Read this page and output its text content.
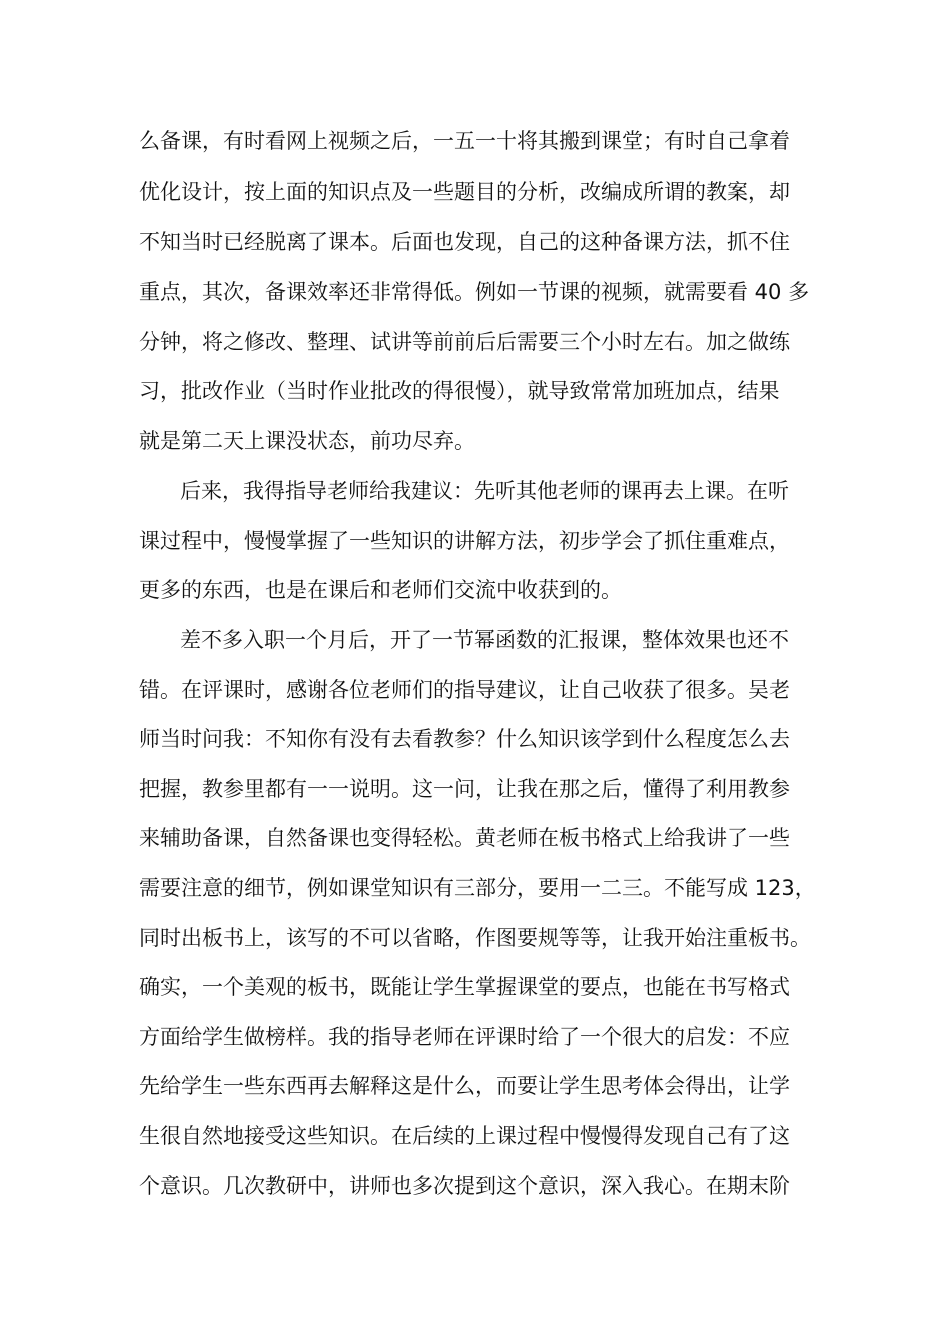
么备课，有时看网上视频之后，一五一十将其搬到课堂；有时自己拿着
优化设计，按上面的知识点及一些题目的分析，改编成所谓的教案，却
不知当时已经脱离了课本。后面也发现，自己的这种备课方法，抓不住
重点，其次，备课效率还非常得低。例如一节课的视频，就需要看 40 多
分钟，将之修改、整理、试讲等前前后后需要三个小时左右。加之做练
习，批改作业（当时作业批改的得很慢），就导致常常加班加点，结果
就是第二天上课没状态，前功尽弃。
后来，我得指导老师给我建议：先听其他老师的课再去上课。在听
课过程中，慢慢掌握了一些知识的讲解方法，初步学会了抓住重难点，
更多的东西，也是在课后和老师们交流中收获到的。
差不多入职一个月后，开了一节幂函数的汇报课，整体效果也还不
错。在评课时，感谢各位老师们的指导建议，让自己收获了很多。吴老
师当时问我：不知你有没有去看教参？什么知识该学到什么程度怎么去
把握，教参里都有一一说明。这一问，让我在那之后，懂得了利用教参
来辅助备课，自然备课也变得轻松。黄老师在板书格式上给我讲了一些
需要注意的细节，例如课堂知识有三部分，要用一二三。不能写成 123，
同时出板书上，该写的不可以省略，作图要规等等，让我开始注重板书。
确实，一个美观的板书，既能让学生掌握课堂的要点，也能在书写格式
方面给学生做榜样。我的指导老师在评课时给了一个很大的启发：不应
先给学生一些东西再去解释这是什么，而要让学生思考体会得出，让学
生很自然地接受这些知识。在后续的上课过程中慢慢得发现自己有了这
个意识。几次教研中，讲师也多次提到这个意识，深入我心。在期末阶
